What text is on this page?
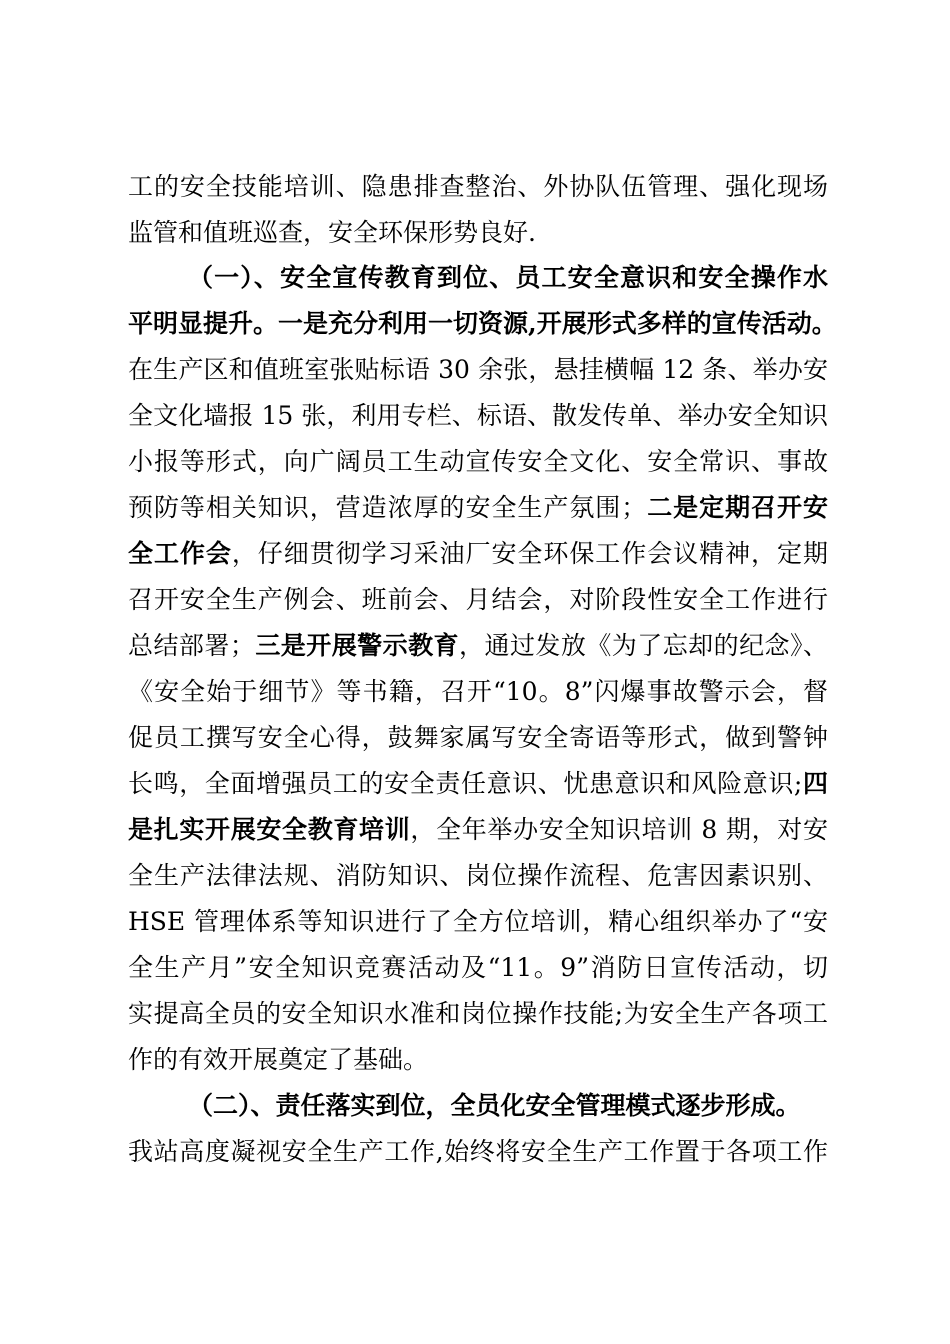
工的安全技能培训、隐患排查整治、外协队伍管理、强化现场
监管和值班巡查，安全环保形势良好.
（一）、安全宣传教育到位、员工安全意识和安全操作水
平明显提升。一是充分利用一切资源,开展形式多样的宣传活动。
在生产区和值班室张贴标语 30 余张，悬挂横幅 12 条、举办安
全文化墙报 15 张，利用专栏、标语、散发传单、举办安全知识
小报等形式，向广阔员工生动宣传安全文化、安全常识、事故
预防等相关知识，营造浓厚的安全生产氛围；二是定期召开安
全工作会，仔细贯彻学习采油厂安全环保工作会议精神，定期
召开安全生产例会、班前会、月结会，对阶段性安全工作进行
总结部署；三是开展警示教育，通过发放《为了忘却的纪念》、
《安全始于细节》等书籍，召开“10。8”闪爆事故警示会，督
促员工撰写安全心得，鼓舞家属写安全寄语等形式，做到警钟
长鸣，全面增强员工的安全责任意识、忧患意识和风险意识;四
是扎实开展安全教育培训，全年举办安全知识培训 8 期，对安
全生产法律法规、消防知识、岗位操作流程、危害因素识别、
HSE 管理体系等知识进行了全方位培训，精心组织举办了“安
全生产月”安全知识竞赛活动及“11。9”消防日宣传活动，切
实提高全员的安全知识水准和岗位操作技能;为安全生产各项工
作的有效开展奠定了基础。
（二）、责任落实到位，全员化安全管理模式逐步形成。
我站高度凝视安全生产工作,始终将安全生产工作置于各项工作
